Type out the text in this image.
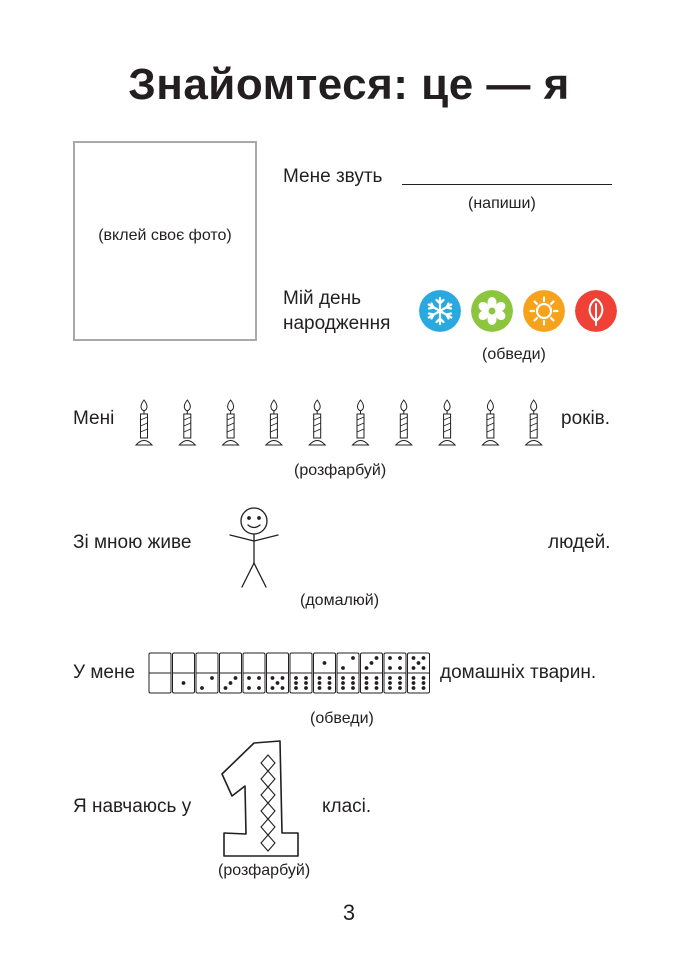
Знайомтеся: це — я
(вклей своє фото)
Мене звуть
(напиши)
Мій день
народження
(обведи)
Мені	років.
(розфарбуй)
Зі мною живе	людей.
(домалюй)
У мене	домашніх тварин.
(обведи)
Я навчаюсь у	класі.
(розфарбуй)
3
